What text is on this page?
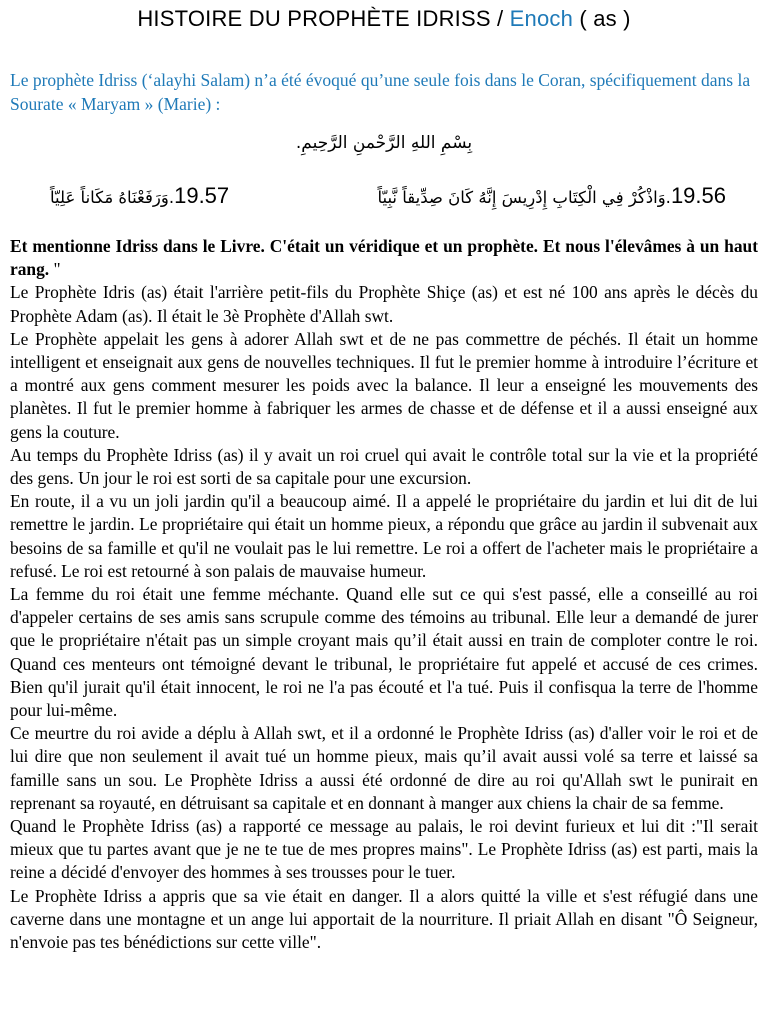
HISTOIRE DU PROPHÈTE IDRISS / Enoch ( as )
Le prophète Idriss (‘alayhi Salam) n’a été évoqué qu’une seule fois dans le Coran, spécifiquement dans la Sourate « Maryam » (Marie) :
بِسْمِ اللهِ الرَّحْمنِ الرَّحِيمِ.
19.56.وَاذْكُرْ فِي الْكِتَابِ إِدْرِيسَ إِنَّهُ كَانَ صِدِّيقاً نَّبِيّاً
19.57.وَرَفَعْنَاهُ مَكَاناً عَلِيّاً

Et mentionne Idriss dans le Livre. C'était un véridique et un prophète. Et nous l'élevâmes à un haut rang. "

Le Prophète Idris (as) était l'arrière petit-fils du Prophète Shiçe (as) et est né 100 ans après le décès du Prophète Adam (as). Il était le 3è Prophète d'Allah swt.

Le Prophète appelait les gens à adorer Allah swt et de ne pas commettre de péchés. Il était un homme intelligent et enseignait aux gens de nouvelles techniques. Il fut le premier homme à introduire l’écriture et a montré aux gens comment mesurer les poids avec la balance. Il leur a enseigné les mouvements des planètes. Il fut le premier homme à fabriquer les armes de chasse et de défense et il a aussi enseigné aux gens la couture.

Au temps du Prophète Idriss (as) il y avait un roi cruel qui avait le contrôle total sur la vie et la propriété des gens. Un jour le roi est sorti de sa capitale pour une excursion.

En route, il a vu un joli jardin qu'il a beaucoup aimé. Il a appelé le propriétaire du jardin et lui dit de lui remettre le jardin. Le propriétaire qui était un homme pieux, a répondu que grâce au jardin il subvenait aux besoins de sa famille et qu'il ne voulait pas le lui remettre. Le roi a offert de l'acheter mais le propriétaire a refusé. Le roi est retourné à son palais de mauvaise humeur.

La femme du roi était une femme méchante. Quand elle sut ce qui s'est passé, elle a conseillé au roi d'appeler certains de ses amis sans scrupule comme des témoins au tribunal. Elle leur a demandé de jurer que le propriétaire n'était pas un simple croyant mais qu’il était aussi en train de comploter contre le roi. Quand ces menteurs ont témoigné devant le tribunal, le propriétaire fut appelé et accusé de ces crimes. Bien qu'il jurait qu'il était innocent, le roi ne l'a pas écouté et l'a tué. Puis il confisqua la terre de l'homme pour lui-même.

Ce meurtre du roi avide a déplu à Allah swt, et il a ordonné le Prophète Idriss (as) d'aller voir le roi et de lui dire que non seulement il avait tué un homme pieux, mais qu’il avait aussi volé sa terre et laissé sa famille sans un sou. Le Prophète Idriss a aussi été ordonné de dire au roi qu'Allah swt le punirait en reprenant sa royauté, en détruisant sa capitale et en donnant à manger aux chiens la chair de sa femme.

Quand le Prophète Idriss (as) a rapporté ce message au palais, le roi devint furieux et lui dit :"Il serait mieux que tu partes avant que je ne te tue de mes propres mains". Le Prophète Idriss (as) est parti, mais la reine a décidé d'envoyer des hommes à ses trousses pour le tuer.

Le Prophète Idriss a appris que sa vie était en danger. Il a alors quitté la ville et s'est réfugié dans une caverne dans une montagne et un ange lui apportait de la nourriture. Il priait Allah en disant "Ô Seigneur, n'envoie pas tes bénédictions sur cette ville".
